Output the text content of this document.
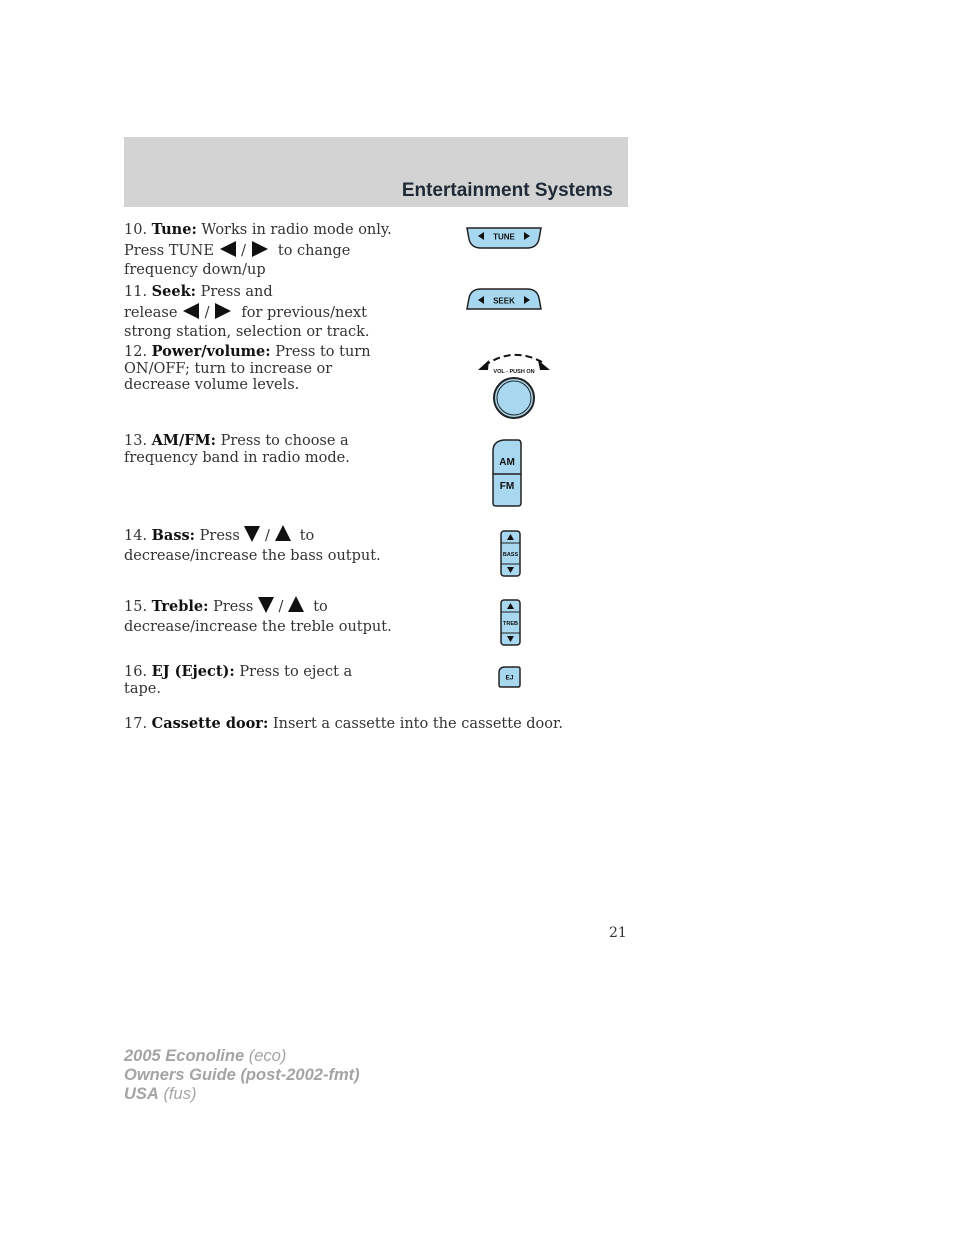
Entertainment Systems
10. Tune: Works in radio mode only.
Press TUNE / to change
frequency down/up
11. Seek: Press and
release / for previous/next
strong station, selection or track.
12. Power/volume: Press to turn ON/OFF; turn to increase or decrease volume levels.
13. AM/FM: Press to choose a frequency band in radio mode.
14. Bass: Press / to
decrease/increase the bass output.
15. Treble: Press / to
decrease/increase the treble output.
16. EJ (Eject): Press to eject a tape.
17. Cassette door: Insert a cassette into the cassette door.
TUNE
SEEK
VOL - PUSH ON
AM
FM
BASS
TREB
EJ
21
2005 Econoline (eco)
Owners Guide (post-2002-fmt)
USA (fus)
